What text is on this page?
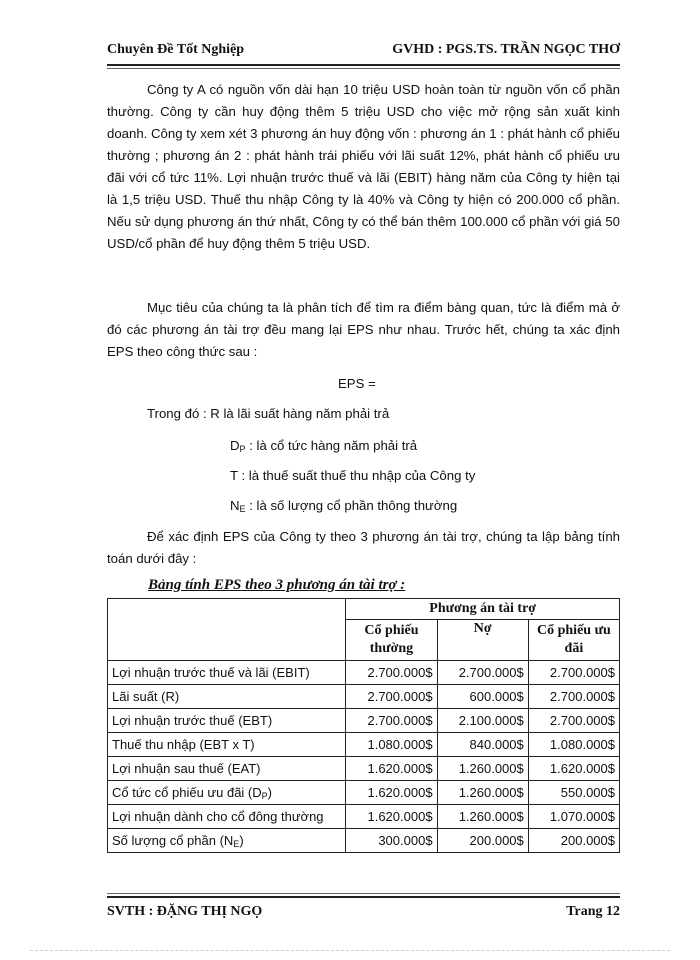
Chuyên Đề Tốt Nghiệp	GVHD : PGS.TS. TRẦN NGỌC THƠ

Công ty A có nguồn vốn dài hạn 10 triệu USD hoàn toàn từ nguồn vốn cổ phần thường. Công ty cần huy động thêm 5 triệu USD cho việc mở rộng sản xuất kinh doanh. Công ty xem xét 3 phương án huy động vốn : phương án 1 : phát hành cổ phiếu thường ; phương án 2 : phát hành trái phiếu với lãi suất 12%, phát hành cổ phiếu ưu đãi với cổ tức 11%. Lợi nhuận trước thuế và lãi (EBIT) hàng năm của Công ty hiện tại là 1,5 triệu USD. Thuế thu nhập Công ty là 40% và Công ty hiện có 200.000 cổ phần. Nếu sử dụng phương án thứ nhất, Công ty có thể bán thêm 100.000 cổ phần với giá 50 USD/cổ phần để huy động thêm 5 triệu USD.

Mục tiêu của chúng ta là phân tích để tìm ra điểm bàng quan, tức là điểm mà ở đó các phương án tài trợ đều mang lại EPS như nhau. Trước hết, chúng ta xác định EPS theo công thức sau :

EPS =
Trong đó : R là lãi suất hàng năm phải trả
$D_P$ : là cổ tức hàng năm phải trả
T : là thuế suất thuế thu nhập của Công ty
$N_E$ : là số lượng cổ phần thông thường

Để xác định EPS của Công ty theo 3 phương án tài trợ, chúng ta lập bảng tính toán dưới đây :

Bảng tính EPS theo 3 phương án tài trợ :
	Phương án tài trợ		
	Cổ phiếu thường	Nợ	Cổ phiếu ưu đãi
Lợi nhuận trước thuế và lãi (EBIT)	2.700.000$	2.700.000$	2.700.000$
Lãi suất (R)	2.700.000$	600.000$	2.700.000$
Lợi nhuận trước thuế (EBT)	2.700.000$	2.100.000$	2.700.000$
Thuế thu nhập (EBT x T)	1.080.000$	840.000$	1.080.000$
Lợi nhuận sau thuế (EAT)	1.620.000$	1.260.000$	1.620.000$
Cổ tức cổ phiếu ưu đãi $(D_P)$	1.620.000$	1.260.000$	550.000$
Lợi nhuận dành cho cổ đông thường	1.620.000$	1.260.000$	1.070.000$
Số lượng cổ phần $(N_E)$	300.000$	200.000$	200.000$
SVTH : ĐẶNG THỊ NGỌ	Trang 12
